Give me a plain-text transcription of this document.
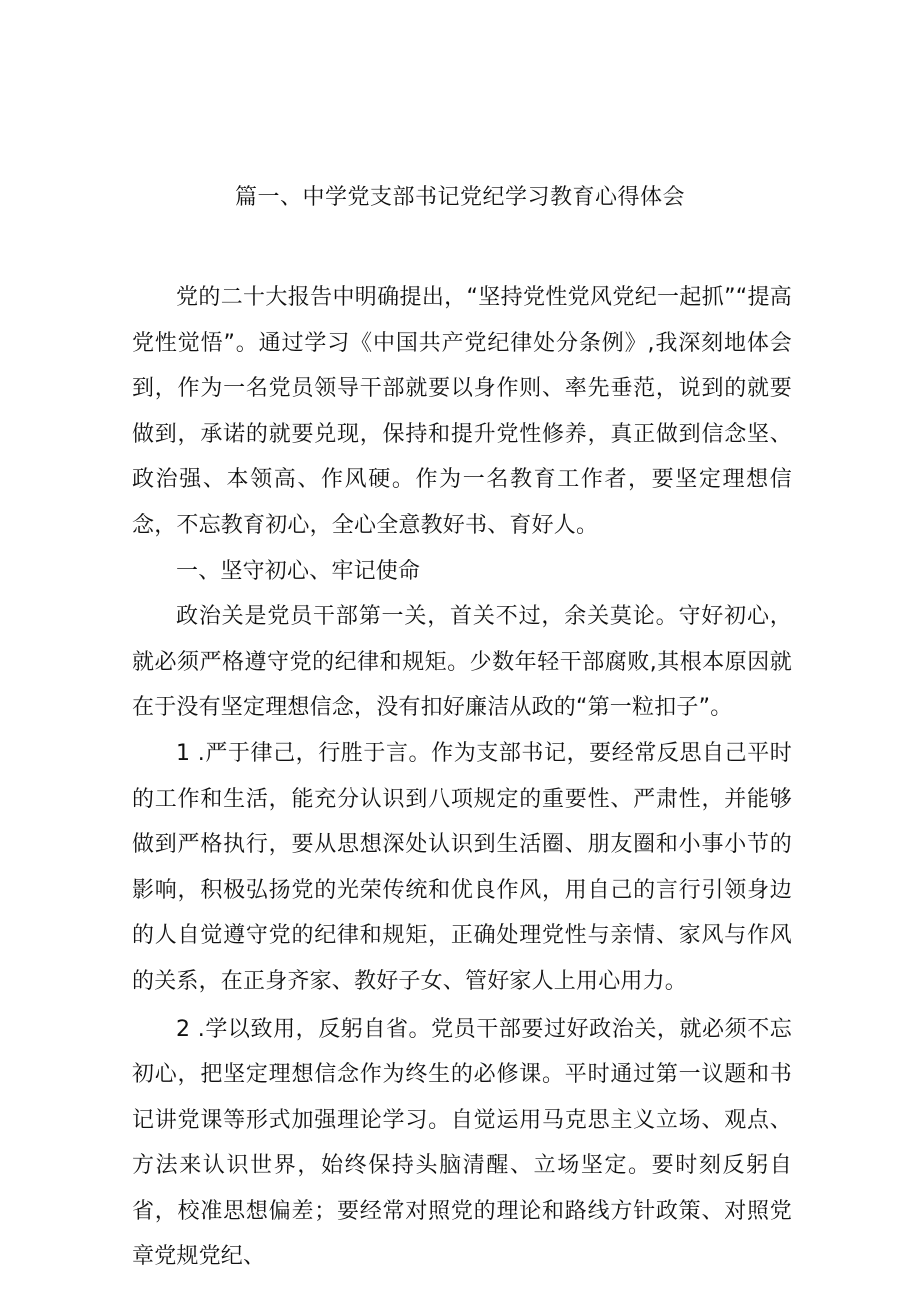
篇一、中学党支部书记党纪学习教育心得体会

党的二十大报告中明确提出，“坚持党性党风党纪一起抓”“提高党性觉悟”。通过学习《中国共产党纪律处分条例》,我深刻地体会到，作为一名党员领导干部就要以身作则、率先垂范，说到的就要做到，承诺的就要兑现，保持和提升党性修养，真正做到信念坚、政治强、本领高、作风硬。作为一名教育工作者，要坚定理想信念，不忘教育初心，全心全意教好书、育好人。

一、坚守初心、牢记使命

政治关是党员干部第一关，首关不过，余关莫论。守好初心，就必须严格遵守党的纪律和规矩。少数年轻干部腐败,其根本原因就在于没有坚定理想信念，没有扣好廉洁从政的“第一粒扣子”。

1 .严于律己，行胜于言。作为支部书记，要经常反思自己平时的工作和生活，能充分认识到八项规定的重要性、严肃性，并能够做到严格执行，要从思想深处认识到生活圈、朋友圈和小事小节的影响，积极弘扬党的光荣传统和优良作风，用自己的言行引领身边的人自觉遵守党的纪律和规矩，正确处理党性与亲情、家风与作风的关系，在正身齐家、教好子女、管好家人上用心用力。

2 .学以致用，反躬自省。党员干部要过好政治关，就必须不忘初心，把坚定理想信念作为终生的必修课。平时通过第一议题和书记讲党课等形式加强理论学习。自觉运用马克思主义立场、观点、方法来认识世界，始终保持头脑清醒、立场坚定。要时刻反躬自省，校准思想偏差；要经常对照党的理论和路线方针政策、对照党章党规党纪、
